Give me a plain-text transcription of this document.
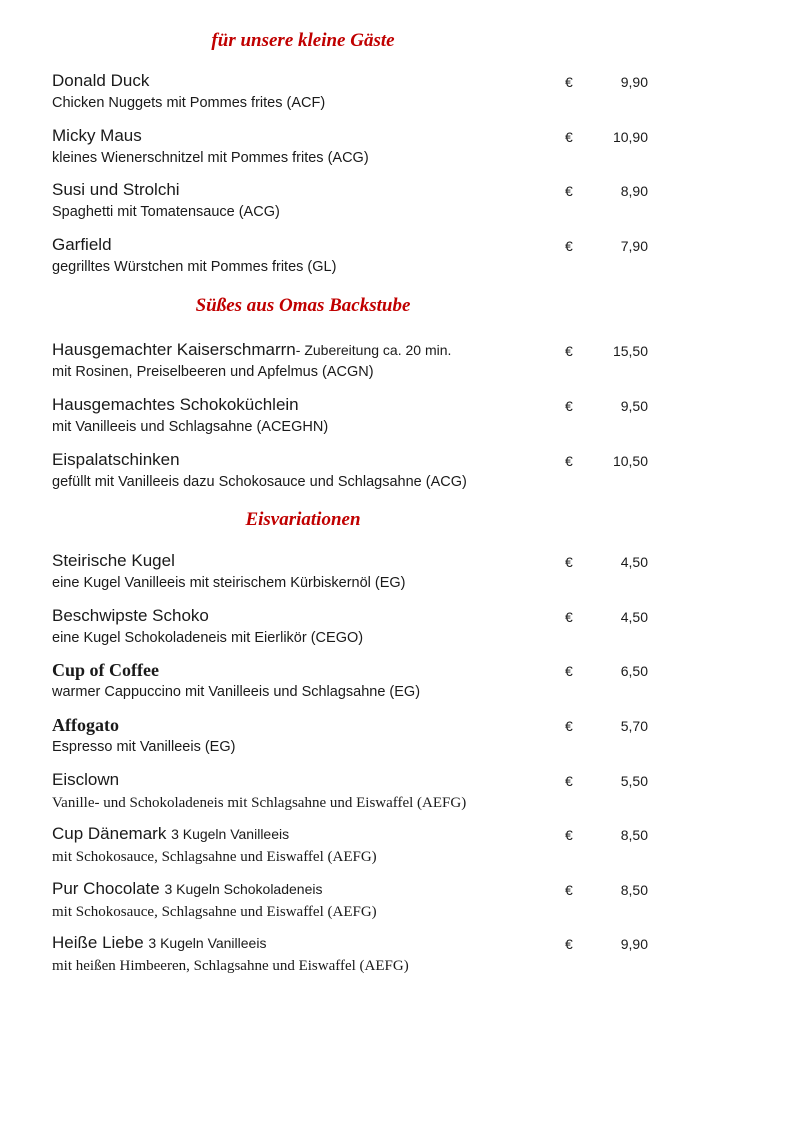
für unsere kleine Gäste
Donald Duck	€	9,90
Chicken Nuggets mit Pommes frites (ACF)
Micky Maus	€	10,90
kleines Wienerschnitzel mit Pommes frites (ACG)
Susi und Strolchi	€	8,90
Spaghetti mit Tomatensauce (ACG)
Garfield	€	7,90
gegrilltes Würstchen mit Pommes frites (GL)
Süßes aus Omas Backstube
Hausgemachter Kaiserschmarrn- Zubereitung ca. 20 min.	€	15,50
mit Rosinen, Preiselbeeren und Apfelmus (ACGN)
Hausgemachtes Schokoküchlein	€	9,50
mit Vanilleeis und Schlagsahne (ACEGHN)
Eispalatschinken	€	10,50
gefüllt mit Vanilleeis dazu Schokosauce und Schlagsahne (ACG)
Eisvariationen
Steirische Kugel	€	4,50
eine Kugel Vanilleeis mit steirischem Kürbiskernöl (EG)
Beschwipste Schoko	€	4,50
eine Kugel Schokoladeneis mit Eierlikör (CEGO)
Cup of Coffee	€	6,50
warmer Cappuccino mit Vanilleeis und Schlagsahne (EG)
Affogato	€	5,70
Espresso mit Vanilleeis (EG)
Eisclown	€	5,50
Vanille- und Schokoladeneis mit Schlagsahne und Eiswaffel (AEFG)
Cup Dänemark 3 Kugeln Vanilleeis	€	8,50
mit Schokosauce, Schlagsahne und Eiswaffel (AEFG)
Pur Chocolate 3 Kugeln Schokoladeneis	€	8,50
mit Schokosauce, Schlagsahne und Eiswaffel (AEFG)
Heiße Liebe 3 Kugeln Vanilleeis	€	9,90
mit heißen Himbeeren, Schlagsahne und Eiswaffel (AEFG)
